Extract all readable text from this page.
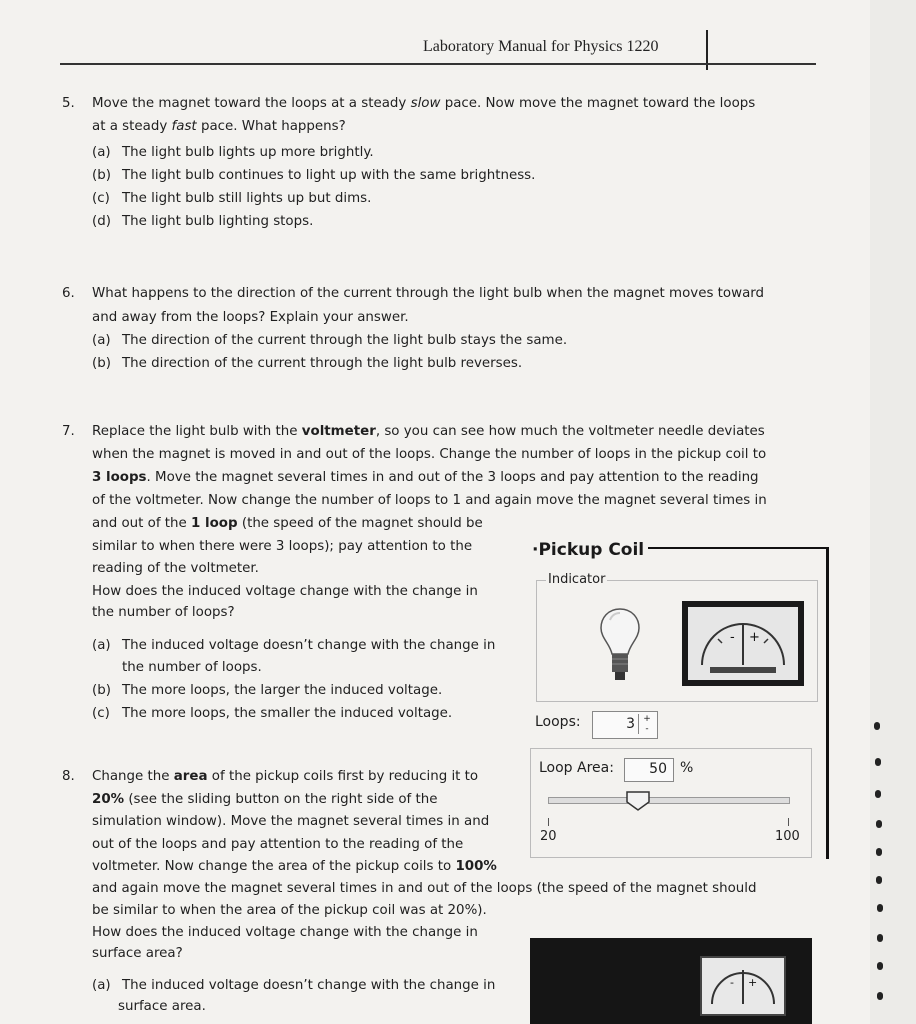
Laboratory Manual for Physics 1220
5. Move the magnet toward the loops at a steady slow pace. Now move the magnet toward the loops
at a steady fast pace. What happens?
(a) The light bulb lights up more brightly.
(b) The light bulb continues to light up with the same brightness.
(c) The light bulb still lights up but dims.
(d) The light bulb lighting stops.
6. What happens to the direction of the current through the light bulb when the magnet moves toward
and away from the loops? Explain your answer.
(a) The direction of the current through the light bulb stays the same.
(b) The direction of the current through the light bulb reverses.
7. Replace the light bulb with the voltmeter, so you can see how much the voltmeter needle deviates
when the magnet is moved in and out of the loops. Change the number of loops in the pickup coil to
3 loops. Move the magnet several times in and out of the 3 loops and pay attention to the reading
of the voltmeter. Now change the number of loops to 1 and again move the magnet several times in
and out of the 1 loop (the speed of the magnet should be
similar to when there were 3 loops); pay attention to the
reading of the voltmeter.
How does the induced voltage change with the change in
the number of loops?
(a) The induced voltage doesn’t change with the change in
the number of loops.
(b) The more loops, the larger the induced voltage.
(c) The more loops, the smaller the induced voltage.
8. Change the area of the pickup coils first by reducing it to
20% (see the sliding button on the right side of the
simulation window). Move the magnet several times in and
out of the loops and pay attention to the reading of the
voltmeter. Now change the area of the pickup coils to 100%
and again move the magnet several times in and out of the loops (the speed of the magnet should
be similar to when the area of the pickup coil was at 20%).
How does the induced voltage change with the change in
surface area?
(a) The induced voltage doesn’t change with the change in
surface area.
·Pickup Coil
Indicator
- +
Loops:	3 +
-
Loop Area:	50 %
20	100
- +
